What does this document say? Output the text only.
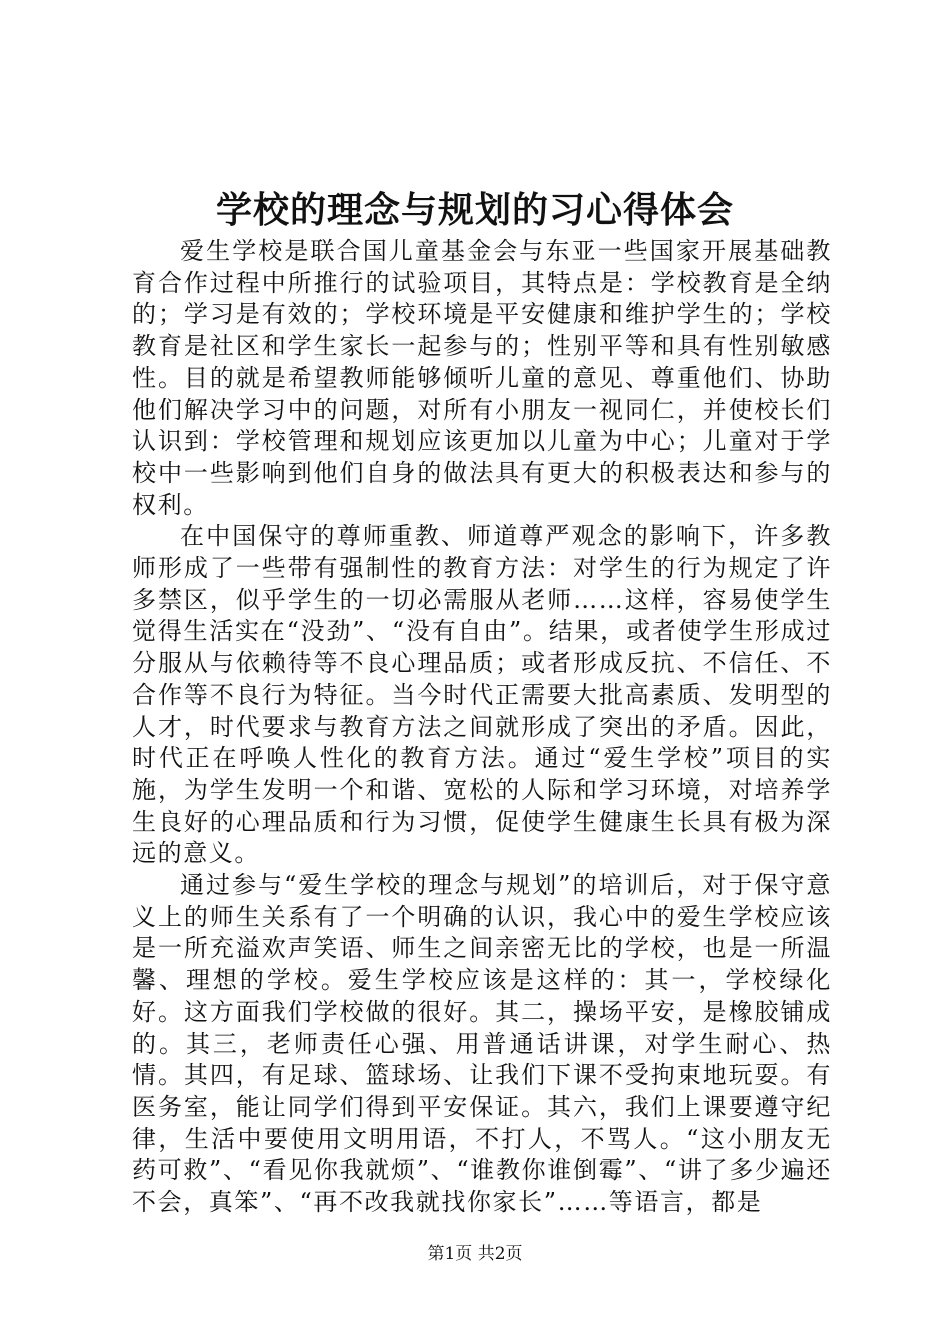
学校的理念与规划的习心得体会

爱生学校是联合国儿童基金会与东亚一些国家开展基础教育合作过程中所推行的试验项目，其特点是：学校教育是全纳的；学习是有效的；学校环境是平安健康和维护学生的；学校教育是社区和学生家长一起参与的；性别平等和具有性别敏感性。目的就是希望教师能够倾听儿童的意见、尊重他们、协助他们解决学习中的问题，对所有小朋友一视同仁，并使校长们认识到：学校管理和规划应该更加以儿童为中心；儿童对于学校中一些影响到他们自身的做法具有更大的积极表达和参与的权利。

在中国保守的尊师重教、师道尊严观念的影响下，许多教师形成了一些带有强制性的教育方法：对学生的行为规定了许多禁区，似乎学生的一切必需服从老师……这样，容易使学生觉得生活实在“没劲”、“没有自由”。结果，或者使学生形成过分服从与依赖待等不良心理品质；或者形成反抗、不信任、不合作等不良行为特征。当今时代正需要大批高素质、发明型的人才，时代要求与教育方法之间就形成了突出的矛盾。因此，时代正在呼唤人性化的教育方法。通过“爱生学校”项目的实施，为学生发明一个和谐、宽松的人际和学习环境，对培养学生良好的心理品质和行为习惯，促使学生健康生长具有极为深远的意义。

通过参与“爱生学校的理念与规划”的培训后，对于保守意义上的师生关系有了一个明确的认识，我心中的爱生学校应该是一所充溢欢声笑语、师生之间亲密无比的学校，也是一所温馨、理想的学校。爱生学校应该是这样的：其一，学校绿化好。这方面我们学校做的很好。其二，操场平安，是橡胶铺成的。其三，老师责任心强、用普通话讲课，对学生耐心、热情。其四，有足球、篮球场、让我们下课不受拘束地玩耍。有医务室，能让同学们得到平安保证。其六，我们上课要遵守纪律，生活中要使用文明用语，不打人，不骂人。“这小朋友无药可救”、“看见你我就烦”、“谁教你谁倒霉”、“讲了多少遍还不会，真笨”、“再不改我就找你家长”……等语言，都是

第1页 共2页
